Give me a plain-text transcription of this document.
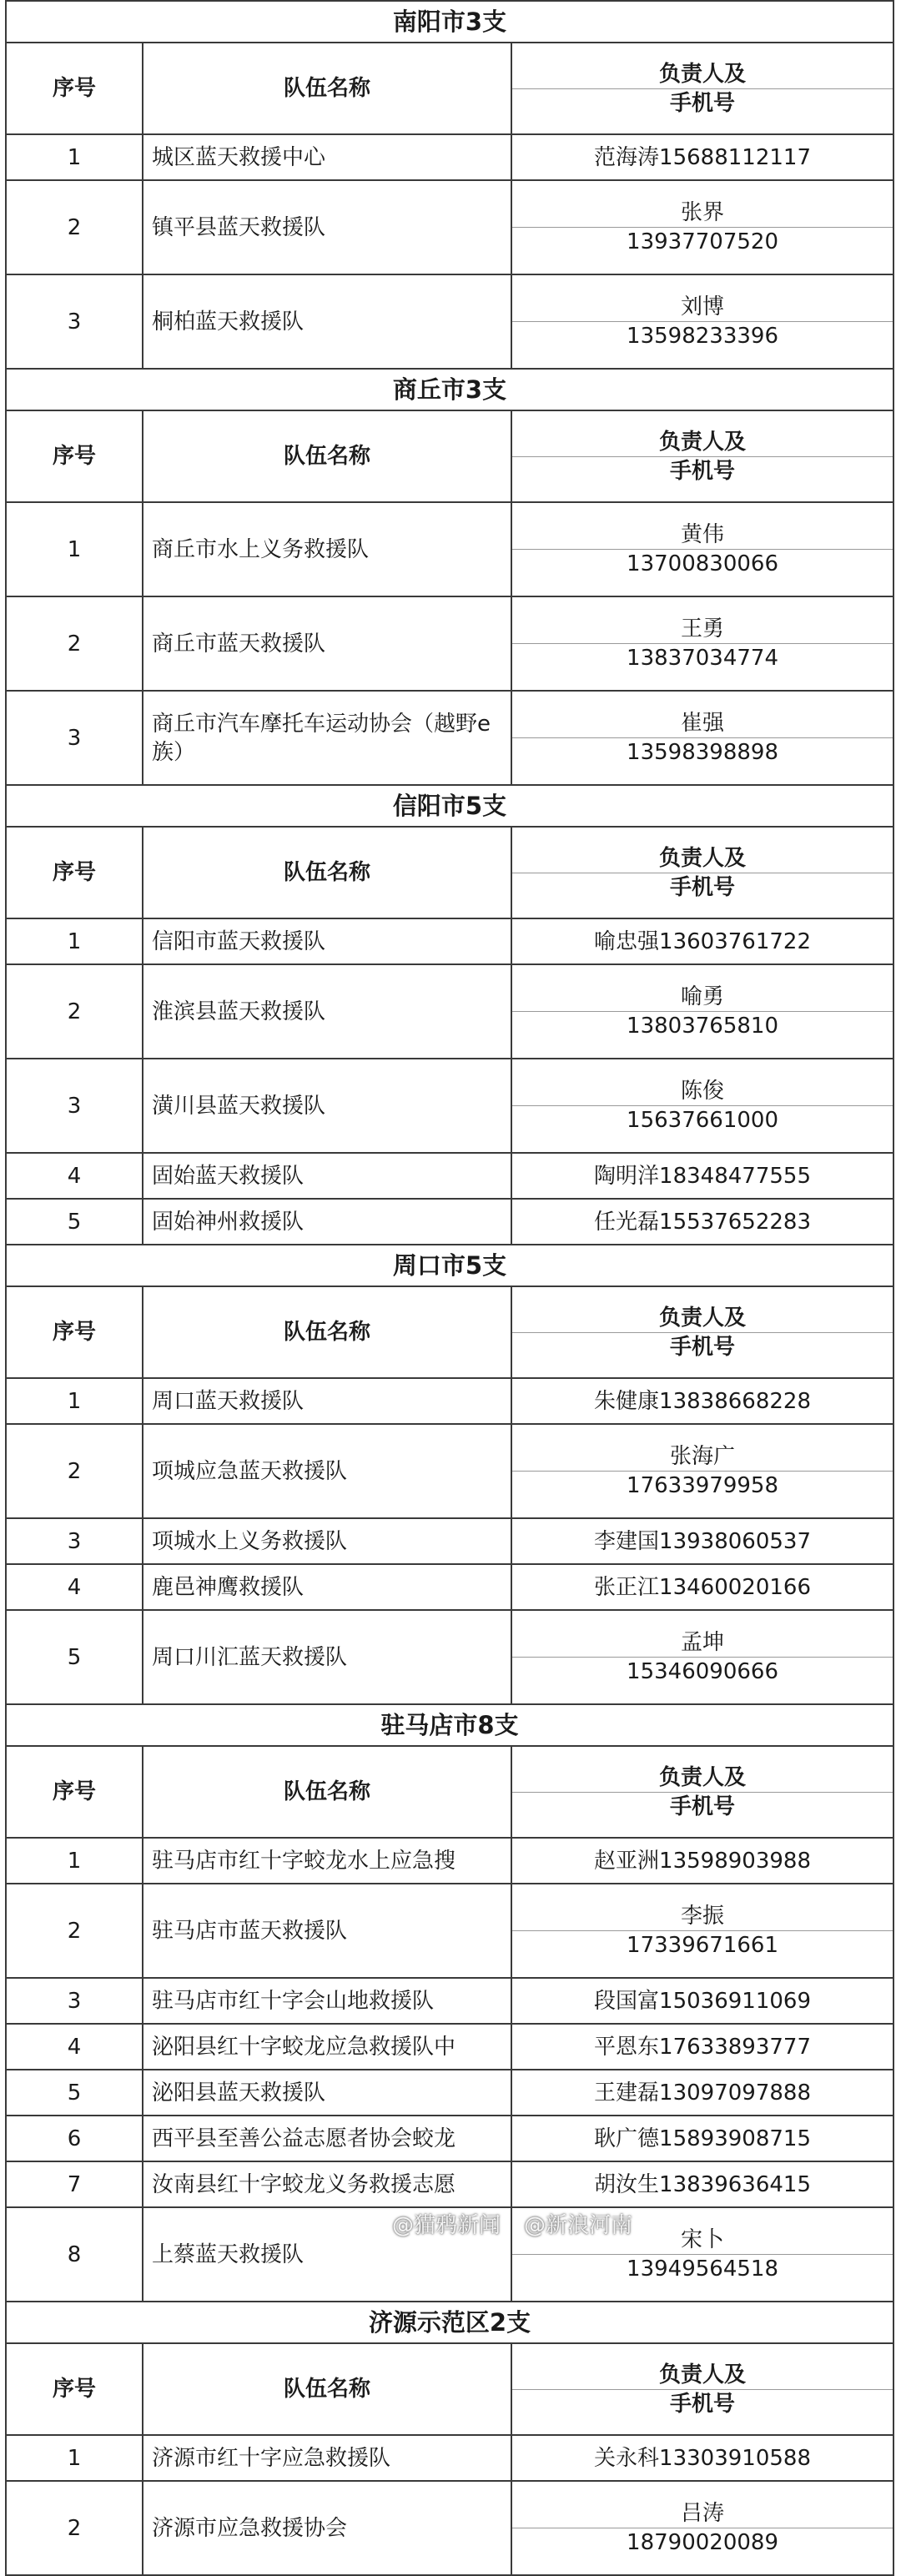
南阳市3支		
序号	队伍名称	负责人及
手机号

1	城区蓝天救援中心	范海涛15688112117
2	镇平县蓝天救援队	张界
13937707520

3	桐柏蓝天救援队	刘博
13598233396

商丘市3支		
序号	队伍名称	负责人及
手机号

1	商丘市水上义务救援队	黄伟
13700830066

2	商丘市蓝天救援队	王勇
13837034774

3	商丘市汽车摩托车运动协会（越野e族）	崔强
13598398898

信阳市5支		
序号	队伍名称	负责人及
手机号

1	信阳市蓝天救援队	喻忠强13603761722
2	淮滨县蓝天救援队	喻勇
13803765810

3	潢川县蓝天救援队	陈俊
15637661000

4	固始蓝天救援队	陶明洋18348477555
5	固始神州救援队	任光磊15537652283
周口市5支		
序号	队伍名称	负责人及
手机号

1	周口蓝天救援队	朱健康13838668228
2	项城应急蓝天救援队	张海广
17633979958

3	项城水上义务救援队	李建国13938060537
4	鹿邑神鹰救援队	张正江13460020166
5	周口川汇蓝天救援队	孟坤
15346090666

驻马店市8支		
序号	队伍名称	负责人及
手机号

1	驻马店市红十字蛟龙水上应急搜	赵亚洲13598903988
2	驻马店市蓝天救援队	李振
17339671661

3	驻马店市红十字会山地救援队	段国富15036911069
4	泌阳县红十字蛟龙应急救援队中	平恩东17633893777
5	泌阳县蓝天救援队	王建磊13097097888
6	西平县至善公益志愿者协会蛟龙	耿广德15893908715
7	汝南县红十字蛟龙义务救援志愿	胡汝生13839636415
8	上蔡蓝天救援队	宋卜
13949564518

济源示范区2支		
序号	队伍名称	负责人及
手机号

1	济源市红十字应急救援队	关永科13303910588
2	济源市应急救援协会	吕涛
18790020089
@猫鸦新闻 @新浪河南
